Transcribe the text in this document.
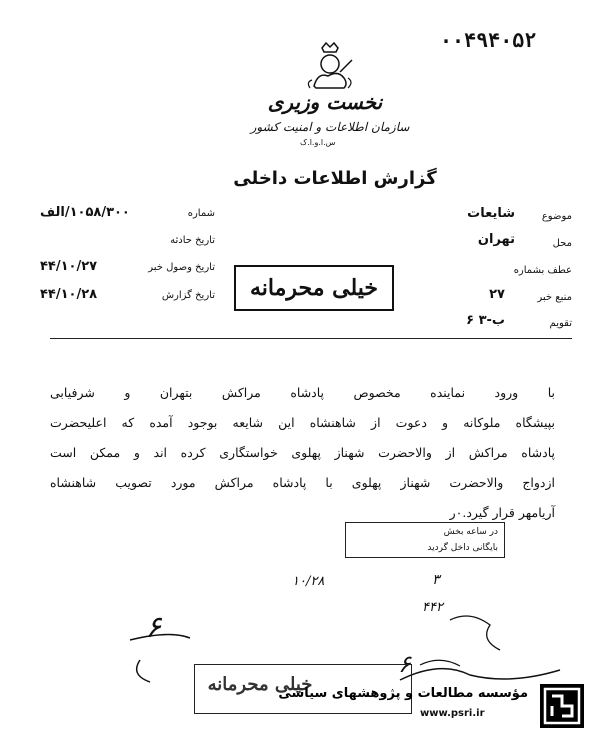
۰۰۴۹۴۰۵۲
نخست وزیری
سازمان اطلاعات و امنیت کشور
س.ا.و.ا.ک
گزارش اطلاعات داخلی
شماره
۱۰۵۸/۳۰۰/الف
تاریخ حادثه
تاریخ وصول خبر
۴۴/۱۰/۲۷
تاریخ گزارش
۴۴/۱۰/۲۸
موضوع
شایعات
محل
تهران
عطف بشماره
منبع خبر
۲۷
تقویم
ب-۳ ۶
خیلی محرمانه
با ورود نماینده مخصوص پادشاه مراکش بتهران و شرفیابی
بپیشگاه ملوکانه و دعوت از شاهنشاه این شایعه بوجود آمده که اعلیحضرت
پادشاه مراکش از والاحضرت شهناز پهلوی خواستگاری کرده اند و ممکن است
ازدواج والاحضرت شهناز پهلوی با پادشاه مراکش مورد تصویب شاهنشاه
آریامهر قرار گیرد.۰ر
در ساعه بخش
بایگانی داخل گردید
۳
۱۰/۲۸
۴۴۲
۶
۶
خیلی محرمانه
مؤسسه مطالعات و پژوهشهای سیاسی
www.psri.ir
